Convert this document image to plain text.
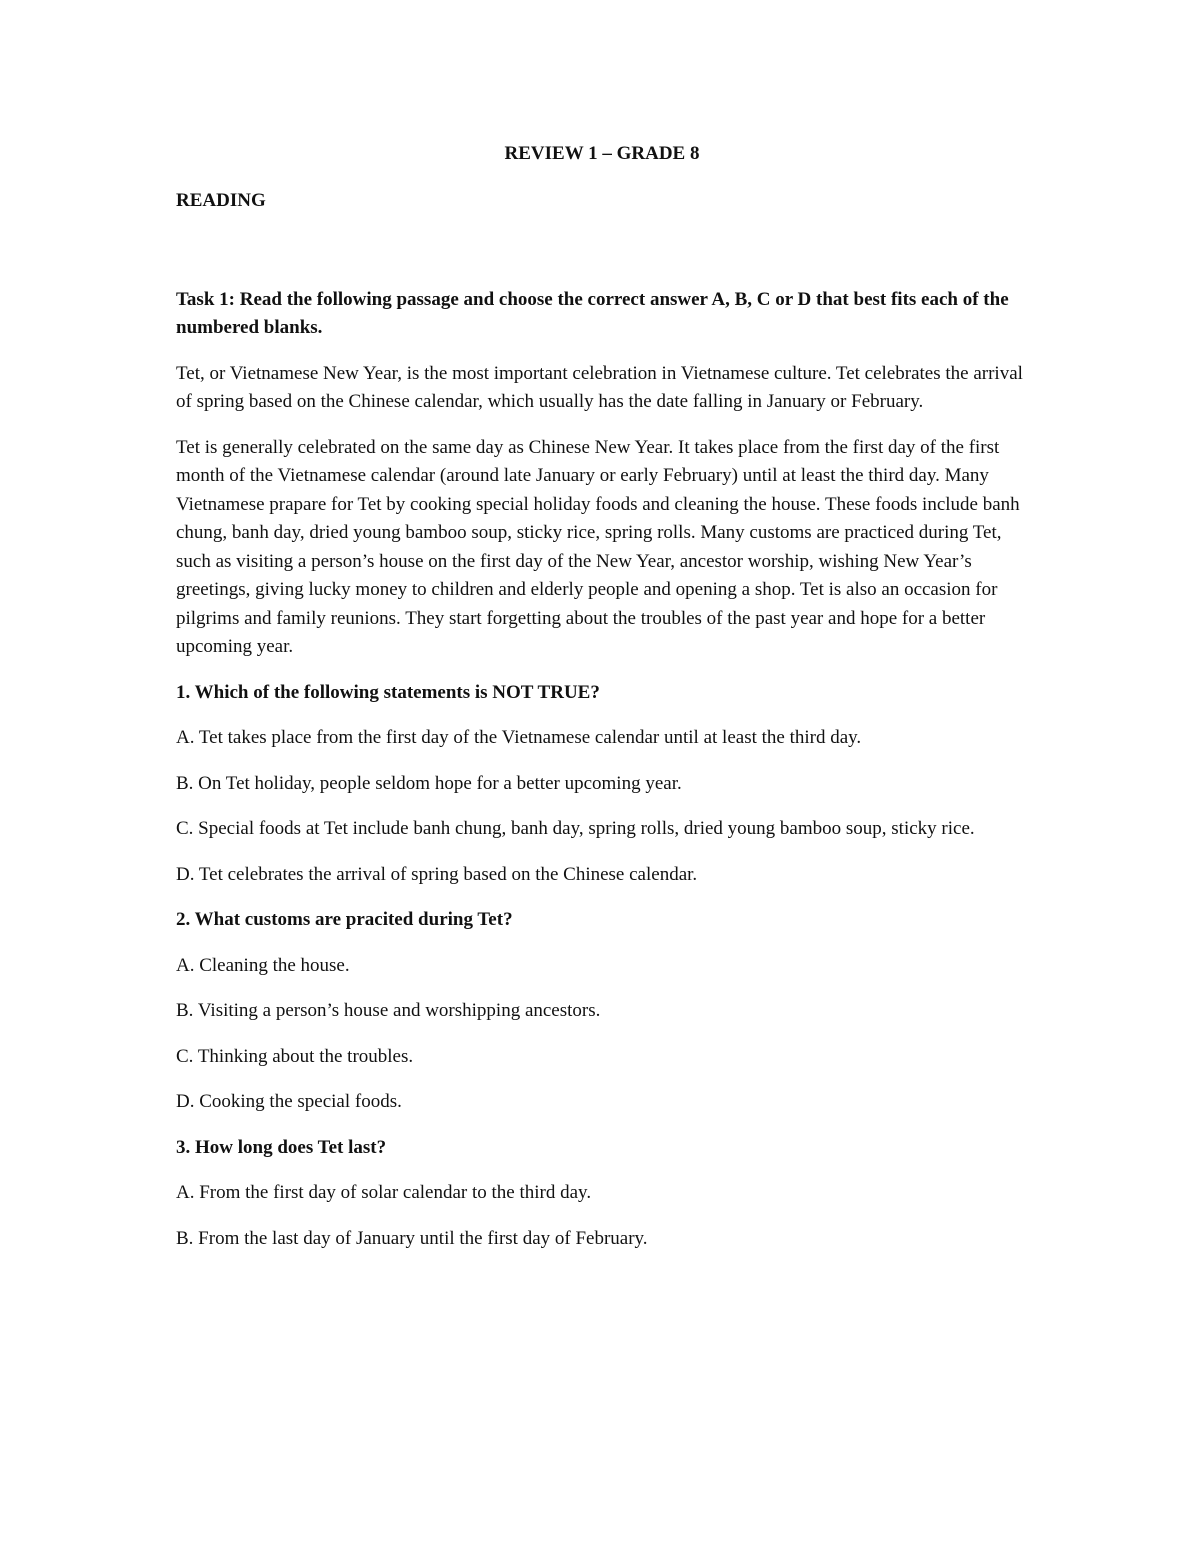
REVIEW 1 – GRADE 8
READING
Task 1: Read the following passage and choose the correct answer A, B, C or D that best fits each of the numbered blanks.

Tet, or Vietnamese New Year, is the most important celebration in Vietnamese culture. Tet celebrates the arrival of spring based on the Chinese calendar, which usually has the date falling in January or February.

Tet is generally celebrated on the same day as Chinese New Year. It takes place from the first day of the first month of the Vietnamese calendar (around late January or early February) until at least the third day. Many Vietnamese prapare for Tet by cooking special holiday foods and cleaning the house. These foods include banh chung, banh day, dried young bamboo soup, sticky rice, spring rolls. Many customs are practiced during Tet, such as visiting a person’s house on the first day of the New Year, ancestor worship, wishing New Year’s greetings, giving lucky money to children and elderly people and opening a shop. Tet is also an occasion for pilgrims and family reunions. They start forgetting about the troubles of the past year and hope for a better upcoming year.

1. Which of the following statements is NOT TRUE?

A. Tet takes place from the first day of the Vietnamese calendar until at least the third day.

B. On Tet holiday, people seldom hope for a better upcoming year.

C. Special foods at Tet include banh chung, banh day, spring rolls, dried young bamboo soup, sticky rice.

D. Tet celebrates the arrival of spring based on the Chinese calendar.

2. What customs are pracited during Tet?

A. Cleaning the house.

B. Visiting a person’s house and worshipping ancestors.

C. Thinking about the troubles.

D. Cooking the special foods.

3. How long does Tet last?

A. From the first day of solar calendar to the third day.

B. From the last day of January until the first day of February.
